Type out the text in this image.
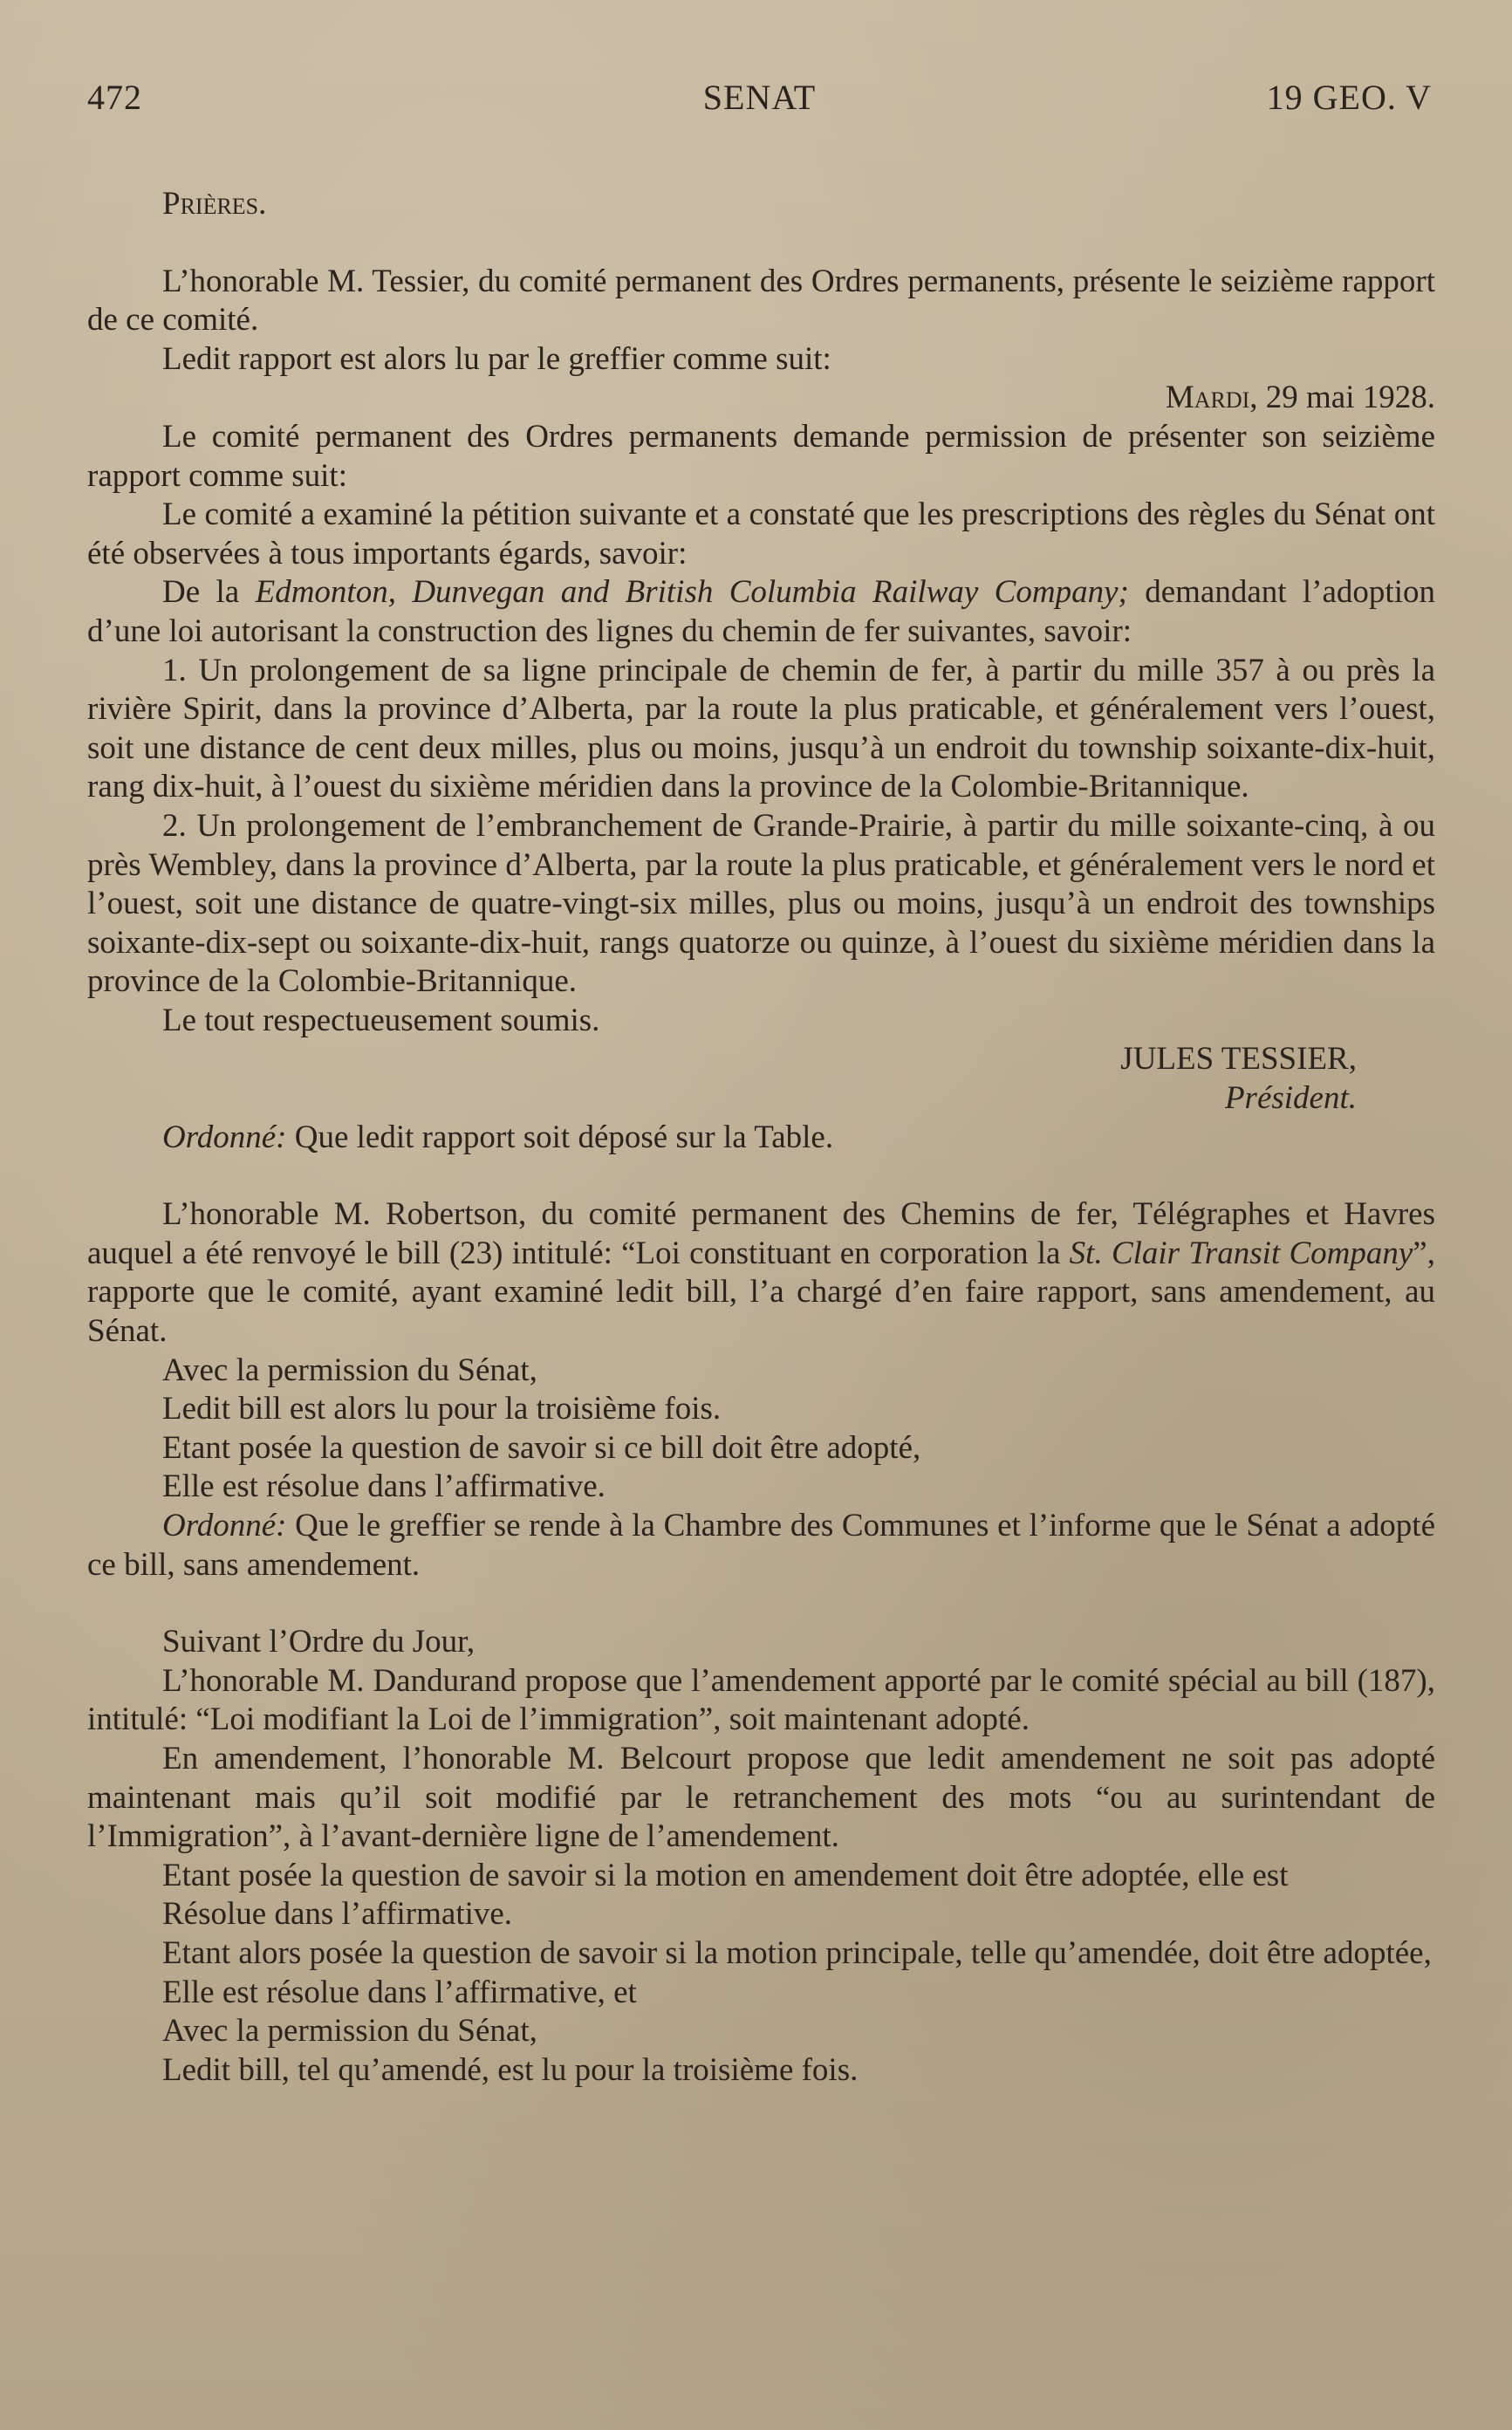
472	SENAT	19 GEO. V

Prières.

L’honorable M. Tessier, du comité permanent des Ordres permanents, présente le seizième rapport de ce comité.

Ledit rapport est alors lu par le greffier comme suit:

Mardi, 29 mai 1928.

Le comité permanent des Ordres permanents demande permission de présenter son seizième rapport comme suit:

Le comité a examiné la pétition suivante et a constaté que les prescriptions des règles du Sénat ont été observées à tous importants égards, savoir:

De la Edmonton, Dunvegan and British Columbia Railway Company; demandant l’adoption d’une loi autorisant la construction des lignes du chemin de fer suivantes, savoir:

1. Un prolongement de sa ligne principale de chemin de fer, à partir du mille 357 à ou près la rivière Spirit, dans la province d’Alberta, par la route la plus praticable, et généralement vers l’ouest, soit une distance de cent deux milles, plus ou moins, jusqu’à un endroit du township soixante-dix-huit, rang dix-huit, à l’ouest du sixième méridien dans la province de la Colombie-Britannique.

2. Un prolongement de l’embranchement de Grande-Prairie, à partir du mille soixante-cinq, à ou près Wembley, dans la province d’Alberta, par la route la plus praticable, et généralement vers le nord et l’ouest, soit une distance de quatre-vingt-six milles, plus ou moins, jusqu’à un endroit des townships soixante-dix-sept ou soixante-dix-huit, rangs quatorze ou quinze, à l’ouest du sixième méridien dans la province de la Colombie-Britannique.

Le tout respectueusement soumis.

JULES TESSIER,

Président.

Ordonné: Que ledit rapport soit déposé sur la Table.

L’honorable M. Robertson, du comité permanent des Chemins de fer, Télégraphes et Havres auquel a été renvoyé le bill (23) intitulé: “Loi constituant en corporation la St. Clair Transit Company”, rapporte que le comité, ayant examiné ledit bill, l’a chargé d’en faire rapport, sans amendement, au Sénat.

Avec la permission du Sénat,

Ledit bill est alors lu pour la troisième fois.

Etant posée la question de savoir si ce bill doit être adopté,

Elle est résolue dans l’affirmative.

Ordonné: Que le greffier se rende à la Chambre des Communes et l’informe que le Sénat a adopté ce bill, sans amendement.

Suivant l’Ordre du Jour,

L’honorable M. Dandurand propose que l’amendement apporté par le comité spécial au bill (187), intitulé: “Loi modifiant la Loi de l’immigration”, soit maintenant adopté.

En amendement, l’honorable M. Belcourt propose que ledit amendement ne soit pas adopté maintenant mais qu’il soit modifié par le retranchement des mots “ou au surintendant de l’Immigration”, à l’avant-dernière ligne de l’amendement.

Etant posée la question de savoir si la motion en amendement doit être adoptée, elle est

Résolue dans l’affirmative.

Etant alors posée la question de savoir si la motion principale, telle qu’amendée, doit être adoptée,

Elle est résolue dans l’affirmative, et

Avec la permission du Sénat,

Ledit bill, tel qu’amendé, est lu pour la troisième fois.
